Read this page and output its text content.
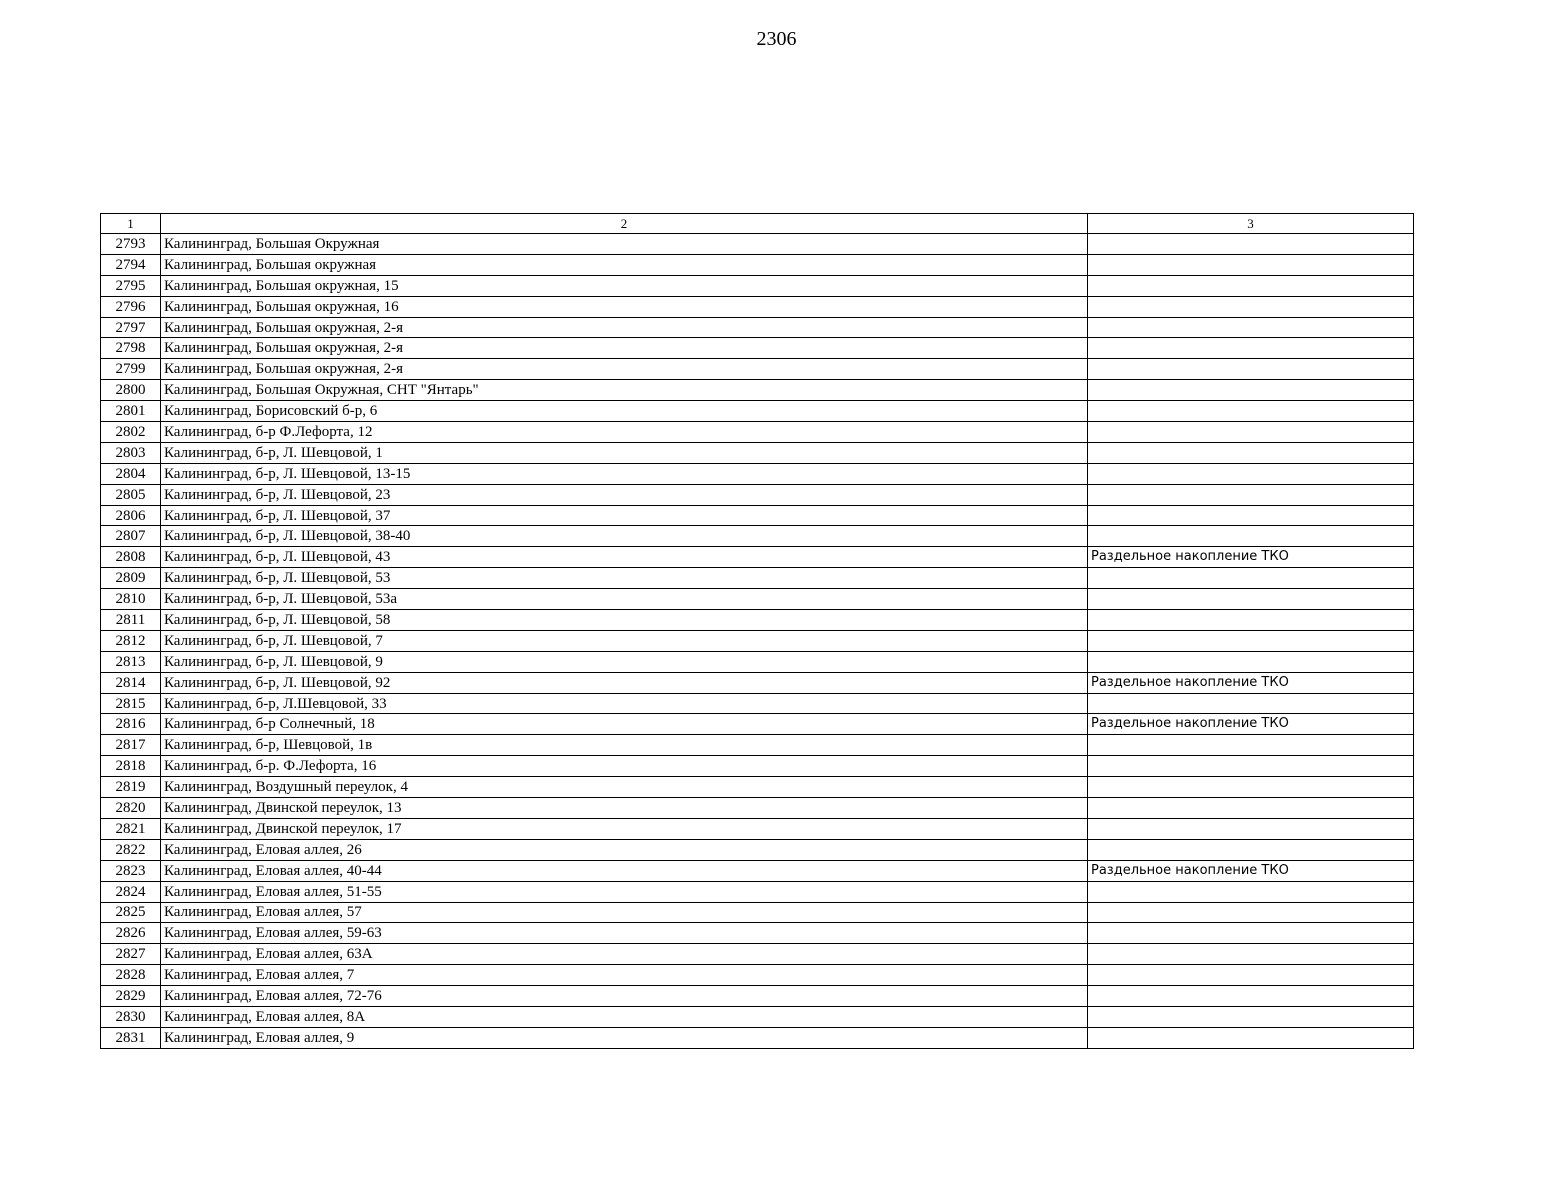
2306
1	2	3
2793	Калининград, Большая Окружная	
2794	Калининград, Большая окружная	
2795	Калининград, Большая окружная, 15	
2796	Калининград, Большая окружная, 16	
2797	Калининград, Большая окружная, 2-я	
2798	Калининград, Большая окружная, 2-я	
2799	Калининград, Большая окружная, 2-я	
2800	Калининград, Большая Окружная, СНТ "Янтарь"	
2801	Калининград, Борисовский б-р, 6	
2802	Калининград, б-р Ф.Лефорта, 12	
2803	Калининград, б-р, Л. Шевцовой, 1	
2804	Калининград, б-р, Л. Шевцовой, 13-15	
2805	Калининград, б-р, Л. Шевцовой, 23	
2806	Калининград, б-р, Л. Шевцовой, 37	
2807	Калининград, б-р, Л. Шевцовой, 38-40	
2808	Калининград, б-р, Л. Шевцовой, 43	Раздельное накопление ТКО
2809	Калининград, б-р, Л. Шевцовой, 53	
2810	Калининград, б-р, Л. Шевцовой, 53а	
2811	Калининград, б-р, Л. Шевцовой, 58	
2812	Калининград, б-р, Л. Шевцовой, 7	
2813	Калининград, б-р, Л. Шевцовой, 9	
2814	Калининград, б-р, Л. Шевцовой, 92	Раздельное накопление ТКО
2815	Калининград, б-р, Л.Шевцовой, 33	
2816	Калининград, б-р Солнечный, 18	Раздельное накопление ТКО
2817	Калининград, б-р, Шевцовой, 1в	
2818	Калининград, б-р. Ф.Лефорта, 16	
2819	Калининград, Воздушный переулок, 4	
2820	Калининград, Двинской переулок, 13	
2821	Калининград, Двинской переулок, 17	
2822	Калининград, Еловая аллея, 26	
2823	Калининград, Еловая аллея, 40-44	Раздельное накопление ТКО
2824	Калининград, Еловая аллея, 51-55	
2825	Калининград, Еловая аллея, 57	
2826	Калининград, Еловая аллея, 59-63	
2827	Калининград, Еловая аллея, 63А	
2828	Калининград, Еловая аллея, 7	
2829	Калининград, Еловая аллея, 72-76	
2830	Калининград, Еловая аллея, 8А	
2831	Калининград, Еловая аллея, 9	
